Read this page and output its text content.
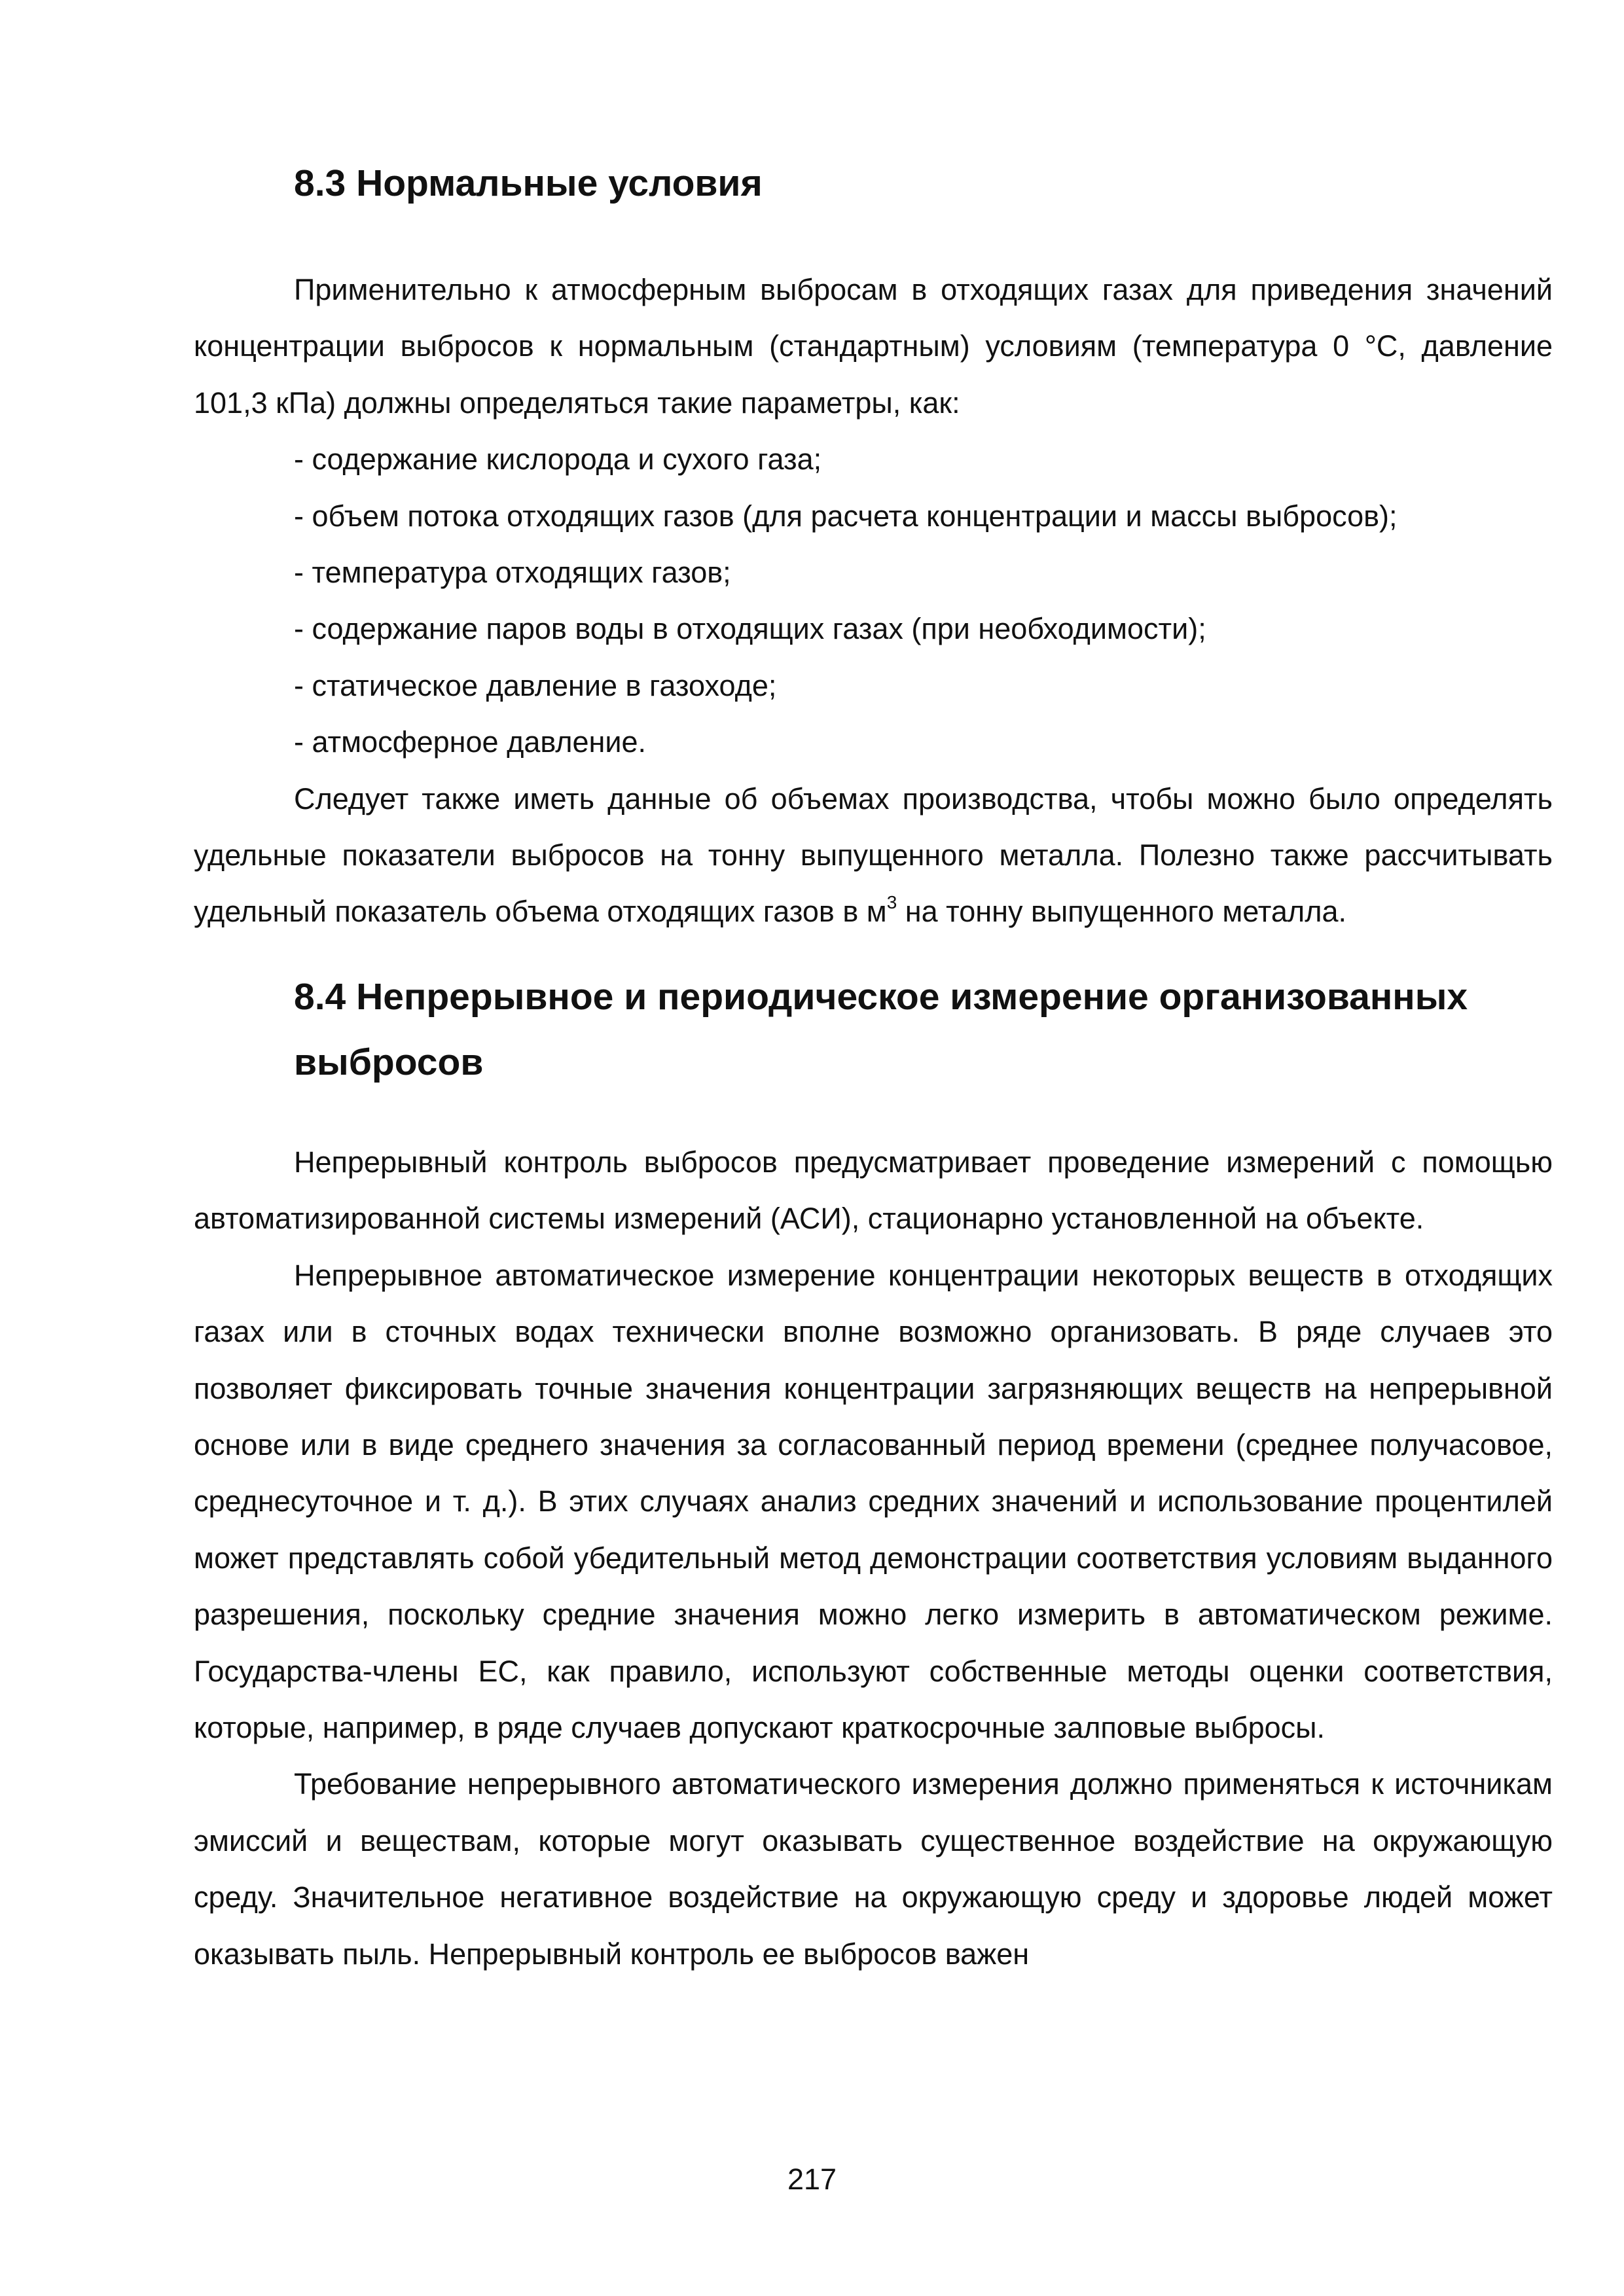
8.3 Нормальные условия

Применительно к атмосферным выбросам в отходящих газах для приведения значений концентрации выбросов к нормальным (стандартным) условиям (температура 0 °С, давление 101,3 кПа) должны определяться такие параметры, как:

- содержание кислорода и сухого газа;
- объем потока отходящих газов (для расчета концентрации и массы выбросов);
- температура отходящих газов;
- содержание паров воды в отходящих газах (при необходимости);
- статическое давление в газоходе;
- атмосферное давление.

Следует также иметь данные об объемах производства, чтобы можно было определять удельные показатели выбросов на тонну выпущенного металла. Полезно также рассчитывать удельный показатель объема отходящих газов в $м^3$ на тонну выпущенного металла.

8.4 Непрерывное и периодическое измерение организованных выбросов

Непрерывный контроль выбросов предусматривает проведение измерений с помощью автоматизированной системы измерений (АСИ), стационарно установленной на объекте.

Непрерывное автоматическое измерение концентрации некоторых веществ в отходящих газах или в сточных водах технически вполне возможно организовать. В ряде случаев это позволяет фиксировать точные значения концентрации загрязняющих веществ на непрерывной основе или в виде среднего значения за согласованный период времени (среднее получасовое, среднесуточное и т. д.). В этих случаях анализ средних значений и использование процентилей может представлять собой убедительный метод демонстрации соответствия условиям выданного разрешения, поскольку средние значения можно легко измерить в автоматическом режиме. Государства-члены ЕС, как правило, используют собственные методы оценки соответствия, которые, например, в ряде случаев допускают краткосрочные залповые выбросы.

Требование непрерывного автоматического измерения должно применяться к источникам эмиссий и веществам, которые могут оказывать существенное воздействие на окружающую среду. Значительное негативное воздействие на окружающую среду и здоровье людей может оказывать пыль. Непрерывный контроль ее выбросов важен

217
